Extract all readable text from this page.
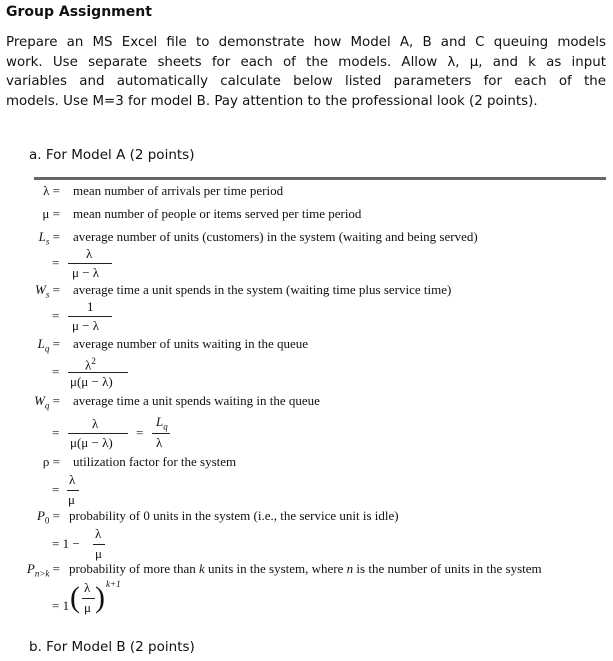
Group Assignment
Prepare an MS Excel file to demonstrate how Model A, B and C queuing models
work. Use separate sheets for each of the models. Allow λ, μ, and k as input
variables and automatically calculate below listed parameters for each of the
models. Use M=3 for model B. Pay attention to the professional look (2 points).
a. For Model A (2 points)
λ = mean number of arrivals per time period
μ = mean number of people or items served per time period
$L_s$ = average number of units (customers) in the system (waiting and being served)
λ
=
μ − λ
$W_s$ = average time a unit spends in the system (waiting time plus service time)
1
=
μ − λ
$L_q$ = average number of units waiting in the queue
$\lambda^2$
=
μ(μ − λ)
$W_q$ = average time a unit spends waiting in the queue
λ
=
μ(μ − λ)
=
$L_q$
λ
ρ = utilization factor for the system
λ
=
μ
$P_0$ = probability of 0 units in the system (i.e., the service unit is idle)
= 1 −
λ
μ
$P_{n>k}$ = probability of more than k units in the system, where n is the number of units in the system
= 1 ( λ
μ ) k+1
b. For Model B (2 points)
